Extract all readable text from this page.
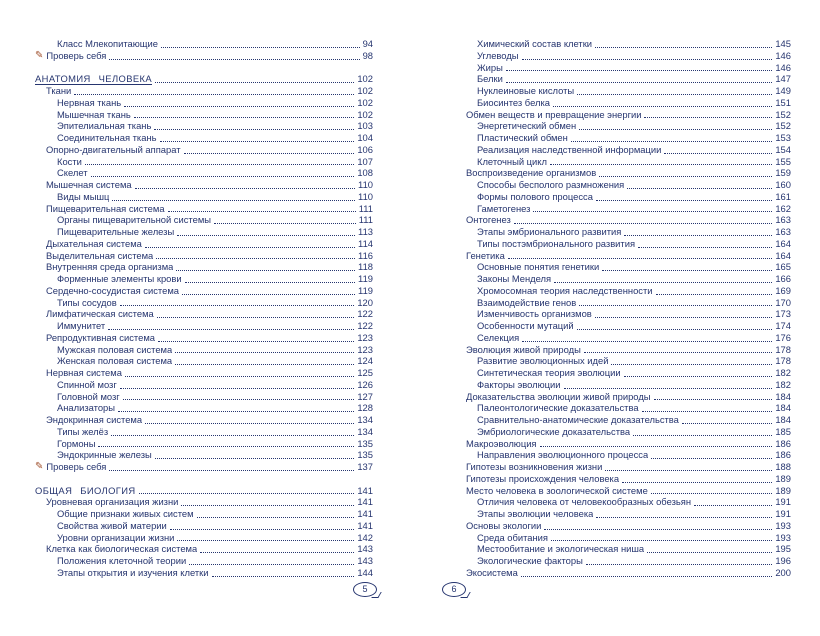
Класс Млекопитающие	94
✎ Проверь себя	98
АНАТОМИЯ ЧЕЛОВЕКА	102
Ткани	102
Нервная ткань	102
Мышечная ткань	102
Эпителиальная ткань	103
Соединительная ткань	104
Опорно-двигательный аппарат	106
Кости	107
Скелет	108
Мышечная система	110
Виды мышц	110
Пищеварительная система	111
Органы пищеварительной системы	111
Пищеварительные железы	113
Дыхательная система	114
Выделительная система	116
Внутренняя среда организма	118
Форменные элементы крови	119
Сердечно-сосудистая система	119
Типы сосудов	120
Лимфатическая система	122
Иммунитет	122
Репродуктивная система	123
Мужская половая система	123
Женская половая система	124
Нервная система	125
Спинной мозг	126
Головной мозг	127
Анализаторы	128
Эндокринная система	134
Типы желёз	134
Гормоны	135
Эндокринные железы	135
✎ Проверь себя	137
ОБЩАЯ БИОЛОГИЯ	141
Уровневая организация жизни	141
Общие признаки живых систем	141
Свойства живой материи	141
Уровни организации жизни	142
Клетка как биологическая система	143
Положения клеточной теории	143
Этапы открытия и изучения клетки	144
Химический состав клетки	145
Углеводы	146
Жиры	146
Белки	147
Нуклеиновые кислоты	149
Биосинтез белка	151
Обмен веществ и превращение энергии	152
Энергетический обмен	152
Пластический обмен	153
Реализация наследственной информации	154
Клеточный цикл	155
Воспроизведение организмов	159
Способы бесполого размножения	160
Формы полового процесса	161
Гаметогенез	162
Онтогенез	163
Этапы эмбрионального развития	163
Типы постэмбрионального развития	164
Генетика	164
Основные понятия генетики	165
Законы Менделя	166
Хромосомная теория наследственности	169
Взаимодействие генов	170
Изменчивость организмов	173
Особенности мутаций	174
Селекция	176
Эволюция живой природы	178
Развитие эволюционных идей	178
Синтетическая теория эволюции	182
Факторы эволюции	182
Доказательства эволюции живой природы	184
Палеонтологические доказательства	184
Сравнительно-анатомические доказательства	184
Эмбриологические доказательства	185
Макроэволюция	186
Направления эволюционного процесса	186
Гипотезы возникновения жизни	188
Гипотезы происхождения человека	189
Место человека в зоологической системе	189
Отличия человека от человекообразных обезьян	191
Этапы эволюции человека	191
Основы экологии	193
Среда обитания	193
Местообитание и экологическая ниша	195
Экологические факторы	196
Экосистема	200
5	6
